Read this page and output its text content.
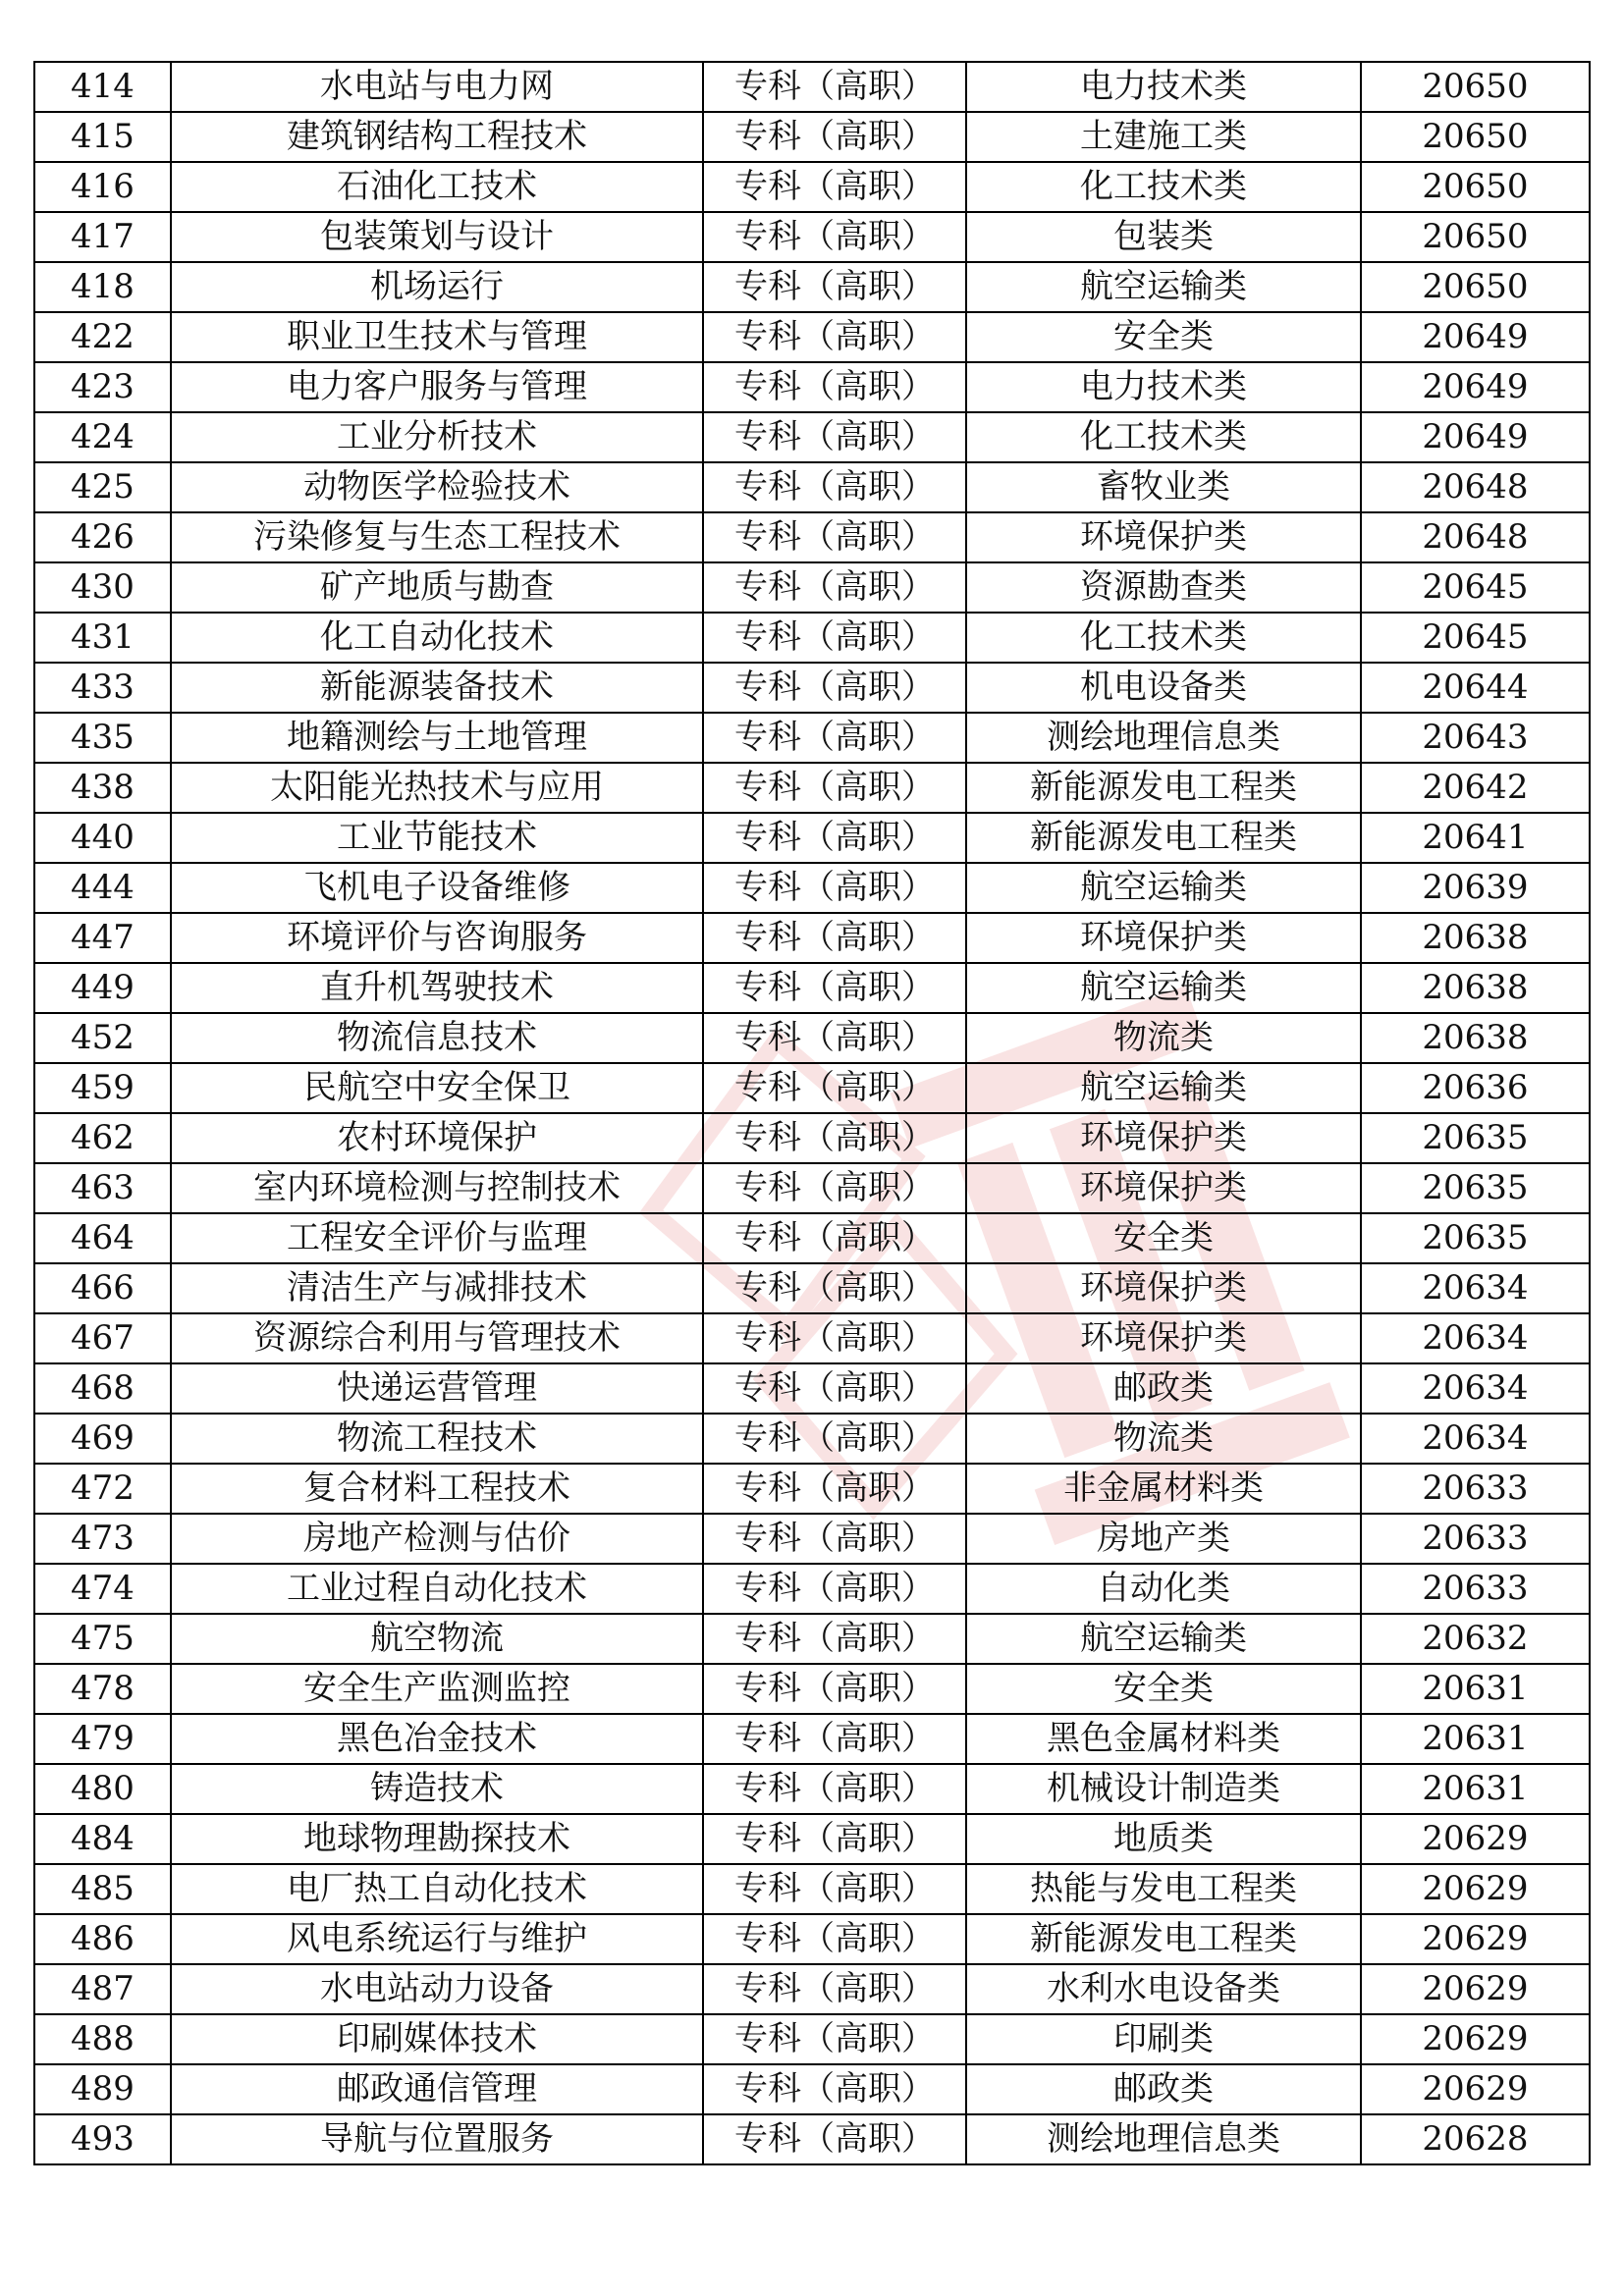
414	水电站与电力网	专科（高职）	电力技术类	20650
415	建筑钢结构工程技术	专科（高职）	土建施工类	20650
416	石油化工技术	专科（高职）	化工技术类	20650
417	包装策划与设计	专科（高职）	包装类	20650
418	机场运行	专科（高职）	航空运输类	20650
422	职业卫生技术与管理	专科（高职）	安全类	20649
423	电力客户服务与管理	专科（高职）	电力技术类	20649
424	工业分析技术	专科（高职）	化工技术类	20649
425	动物医学检验技术	专科（高职）	畜牧业类	20648
426	污染修复与生态工程技术	专科（高职）	环境保护类	20648
430	矿产地质与勘查	专科（高职）	资源勘查类	20645
431	化工自动化技术	专科（高职）	化工技术类	20645
433	新能源装备技术	专科（高职）	机电设备类	20644
435	地籍测绘与土地管理	专科（高职）	测绘地理信息类	20643
438	太阳能光热技术与应用	专科（高职）	新能源发电工程类	20642
440	工业节能技术	专科（高职）	新能源发电工程类	20641
444	飞机电子设备维修	专科（高职）	航空运输类	20639
447	环境评价与咨询服务	专科（高职）	环境保护类	20638
449	直升机驾驶技术	专科（高职）	航空运输类	20638
452	物流信息技术	专科（高职）	物流类	20638
459	民航空中安全保卫	专科（高职）	航空运输类	20636
462	农村环境保护	专科（高职）	环境保护类	20635
463	室内环境检测与控制技术	专科（高职）	环境保护类	20635
464	工程安全评价与监理	专科（高职）	安全类	20635
466	清洁生产与减排技术	专科（高职）	环境保护类	20634
467	资源综合利用与管理技术	专科（高职）	环境保护类	20634
468	快递运营管理	专科（高职）	邮政类	20634
469	物流工程技术	专科（高职）	物流类	20634
472	复合材料工程技术	专科（高职）	非金属材料类	20633
473	房地产检测与估价	专科（高职）	房地产类	20633
474	工业过程自动化技术	专科（高职）	自动化类	20633
475	航空物流	专科（高职）	航空运输类	20632
478	安全生产监测监控	专科（高职）	安全类	20631
479	黑色冶金技术	专科（高职）	黑色金属材料类	20631
480	铸造技术	专科（高职）	机械设计制造类	20631
484	地球物理勘探技术	专科（高职）	地质类	20629
485	电厂热工自动化技术	专科（高职）	热能与发电工程类	20629
486	风电系统运行与维护	专科（高职）	新能源发电工程类	20629
487	水电站动力设备	专科（高职）	水利水电设备类	20629
488	印刷媒体技术	专科（高职）	印刷类	20629
489	邮政通信管理	专科（高职）	邮政类	20629
493	导航与位置服务	专科（高职）	测绘地理信息类	20628
